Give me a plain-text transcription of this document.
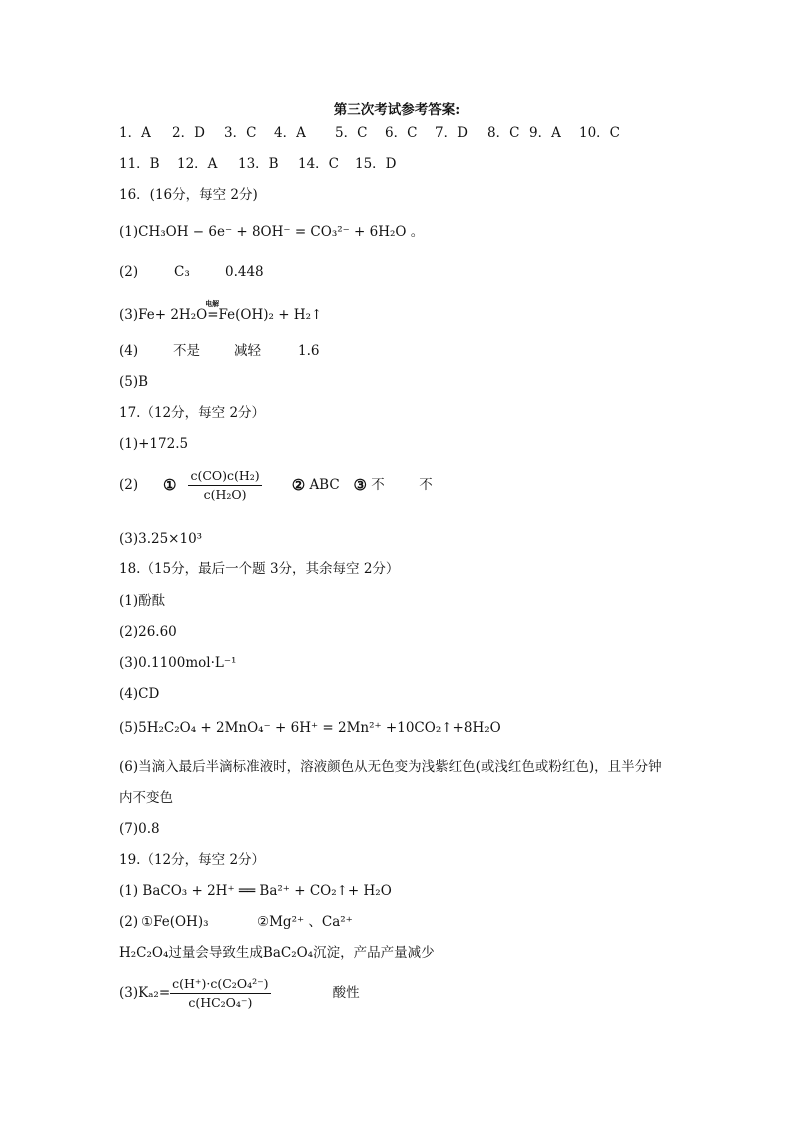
第三次考试参考答案:
1．A 2．D 3．C 4．A 5．C 6．C 7．D 8．C 9．A 10．C
11．B 12．A 13．B 14．C 15．D
16．(16分，每空 2分)
(1)CH₃OH − 6e⁻ + 8OH⁻ = CO₃²⁻ + 6H₂O 。
(2)	C₃	0.448
(3)Fe+ 2H₂O
电解
=Fe(OH)₂ + H₂↑
(4)	不是	减轻	1.6
(5)B
17.（12分，每空 2分）
(1)+172.5
(2) ① $\frac{\text{c(CO)c(H₂)}}{\text{c(H₂O)}}$ ② ABC ③ 不	不
(3)3.25×10³
18.（15分，最后一个题 3分，其余每空 2分）
(1)酚酞
(2)26.60
(3)0.1100mol·L⁻¹
(4)CD
(5)5H₂C₂O₄ + 2MnO₄⁻ + 6H⁺ = 2Mn²⁺ +10CO₂↑+8H₂O
(6)当滴入最后半滴标准液时，溶液颜色从无色变为浅紫红色(或浅红色或粉红色)，且半分钟
内不变色
(7)0.8
19.（12分，每空 2分）
(1) BaCO₃ + 2H⁺ ══ Ba²⁺ + CO₂↑+ H₂O
(2) ①Fe(OH)₃	②Mg²⁺ 、Ca²⁺
H₂C₂O₄过量会导致生成BaC₂O₄沉淀，产品产量减少
$(3)K_{a2}= \frac{\text{c(H⁺)·c(C₂O₄²⁻)}}{\text{c(HC₂O₄⁻)}}$	酸性
